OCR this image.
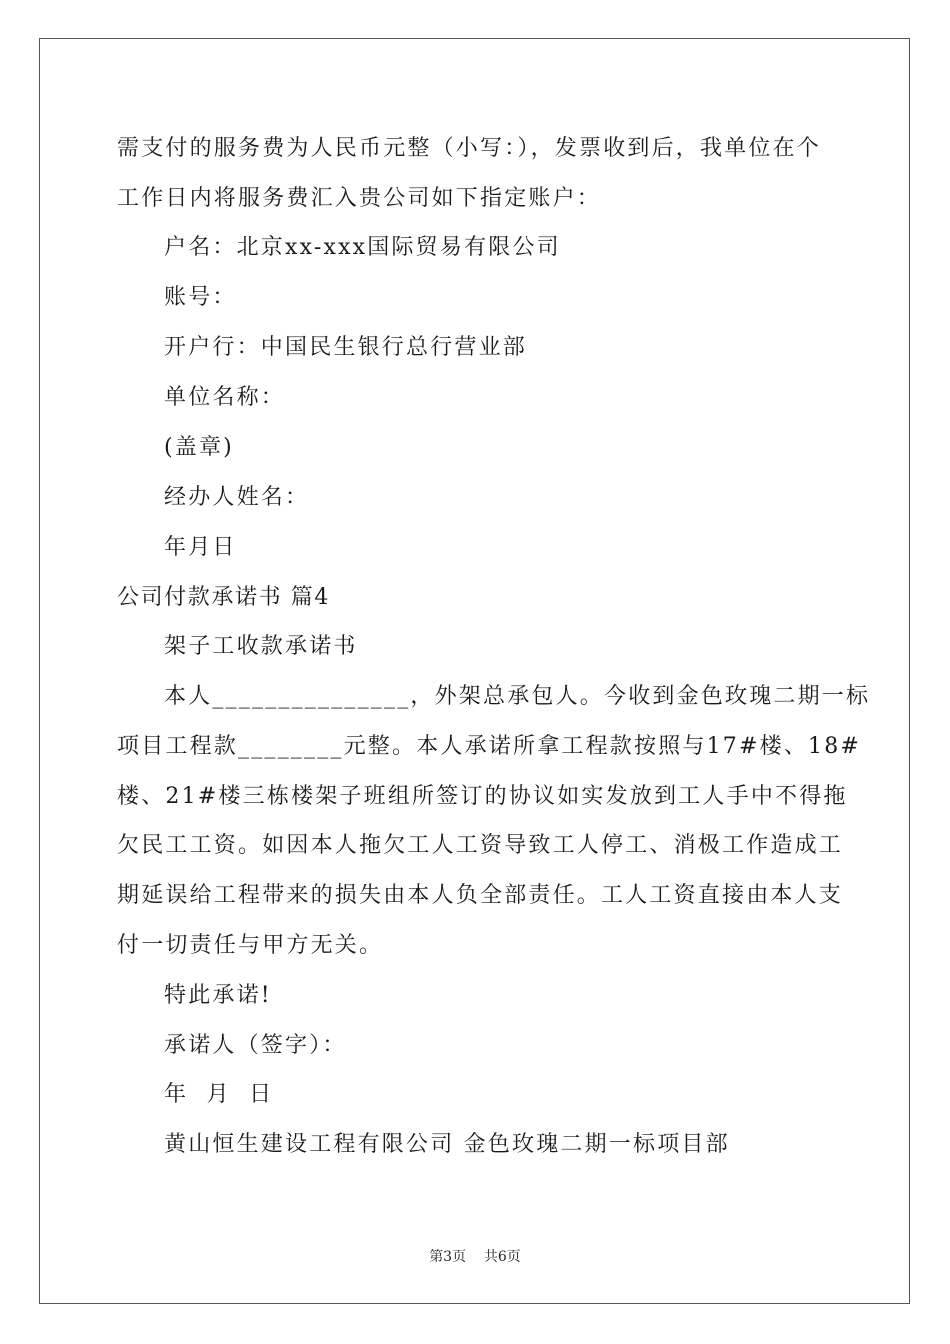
需支付的服务费为人民币元整（小写：），发票收到后，我单位在个
工作日内将服务费汇入贵公司如下指定账户：
户名：北京xx-xxx国际贸易有限公司
账号：
开户行：中国民生银行总行营业部
单位名称：
(盖章)
经办人姓名：
年月日
公司付款承诺书 篇4
架子工收款承诺书
本人_______________，外架总承包人。今收到金色玫瑰二期一标
项目工程款________元整。本人承诺所拿工程款按照与17#楼、18#
楼、21#楼三栋楼架子班组所签订的协议如实发放到工人手中不得拖
欠民工工资。如因本人拖欠工人工资导致工人停工、消极工作造成工
期延误给工程带来的损失由本人负全部责任。工人工资直接由本人支
付一切责任与甲方无关。
特此承诺!
承诺人（签字）：
年  月  日
黄山恒生建设工程有限公司 金色玫瑰二期一标项目部
第3页    共6页
